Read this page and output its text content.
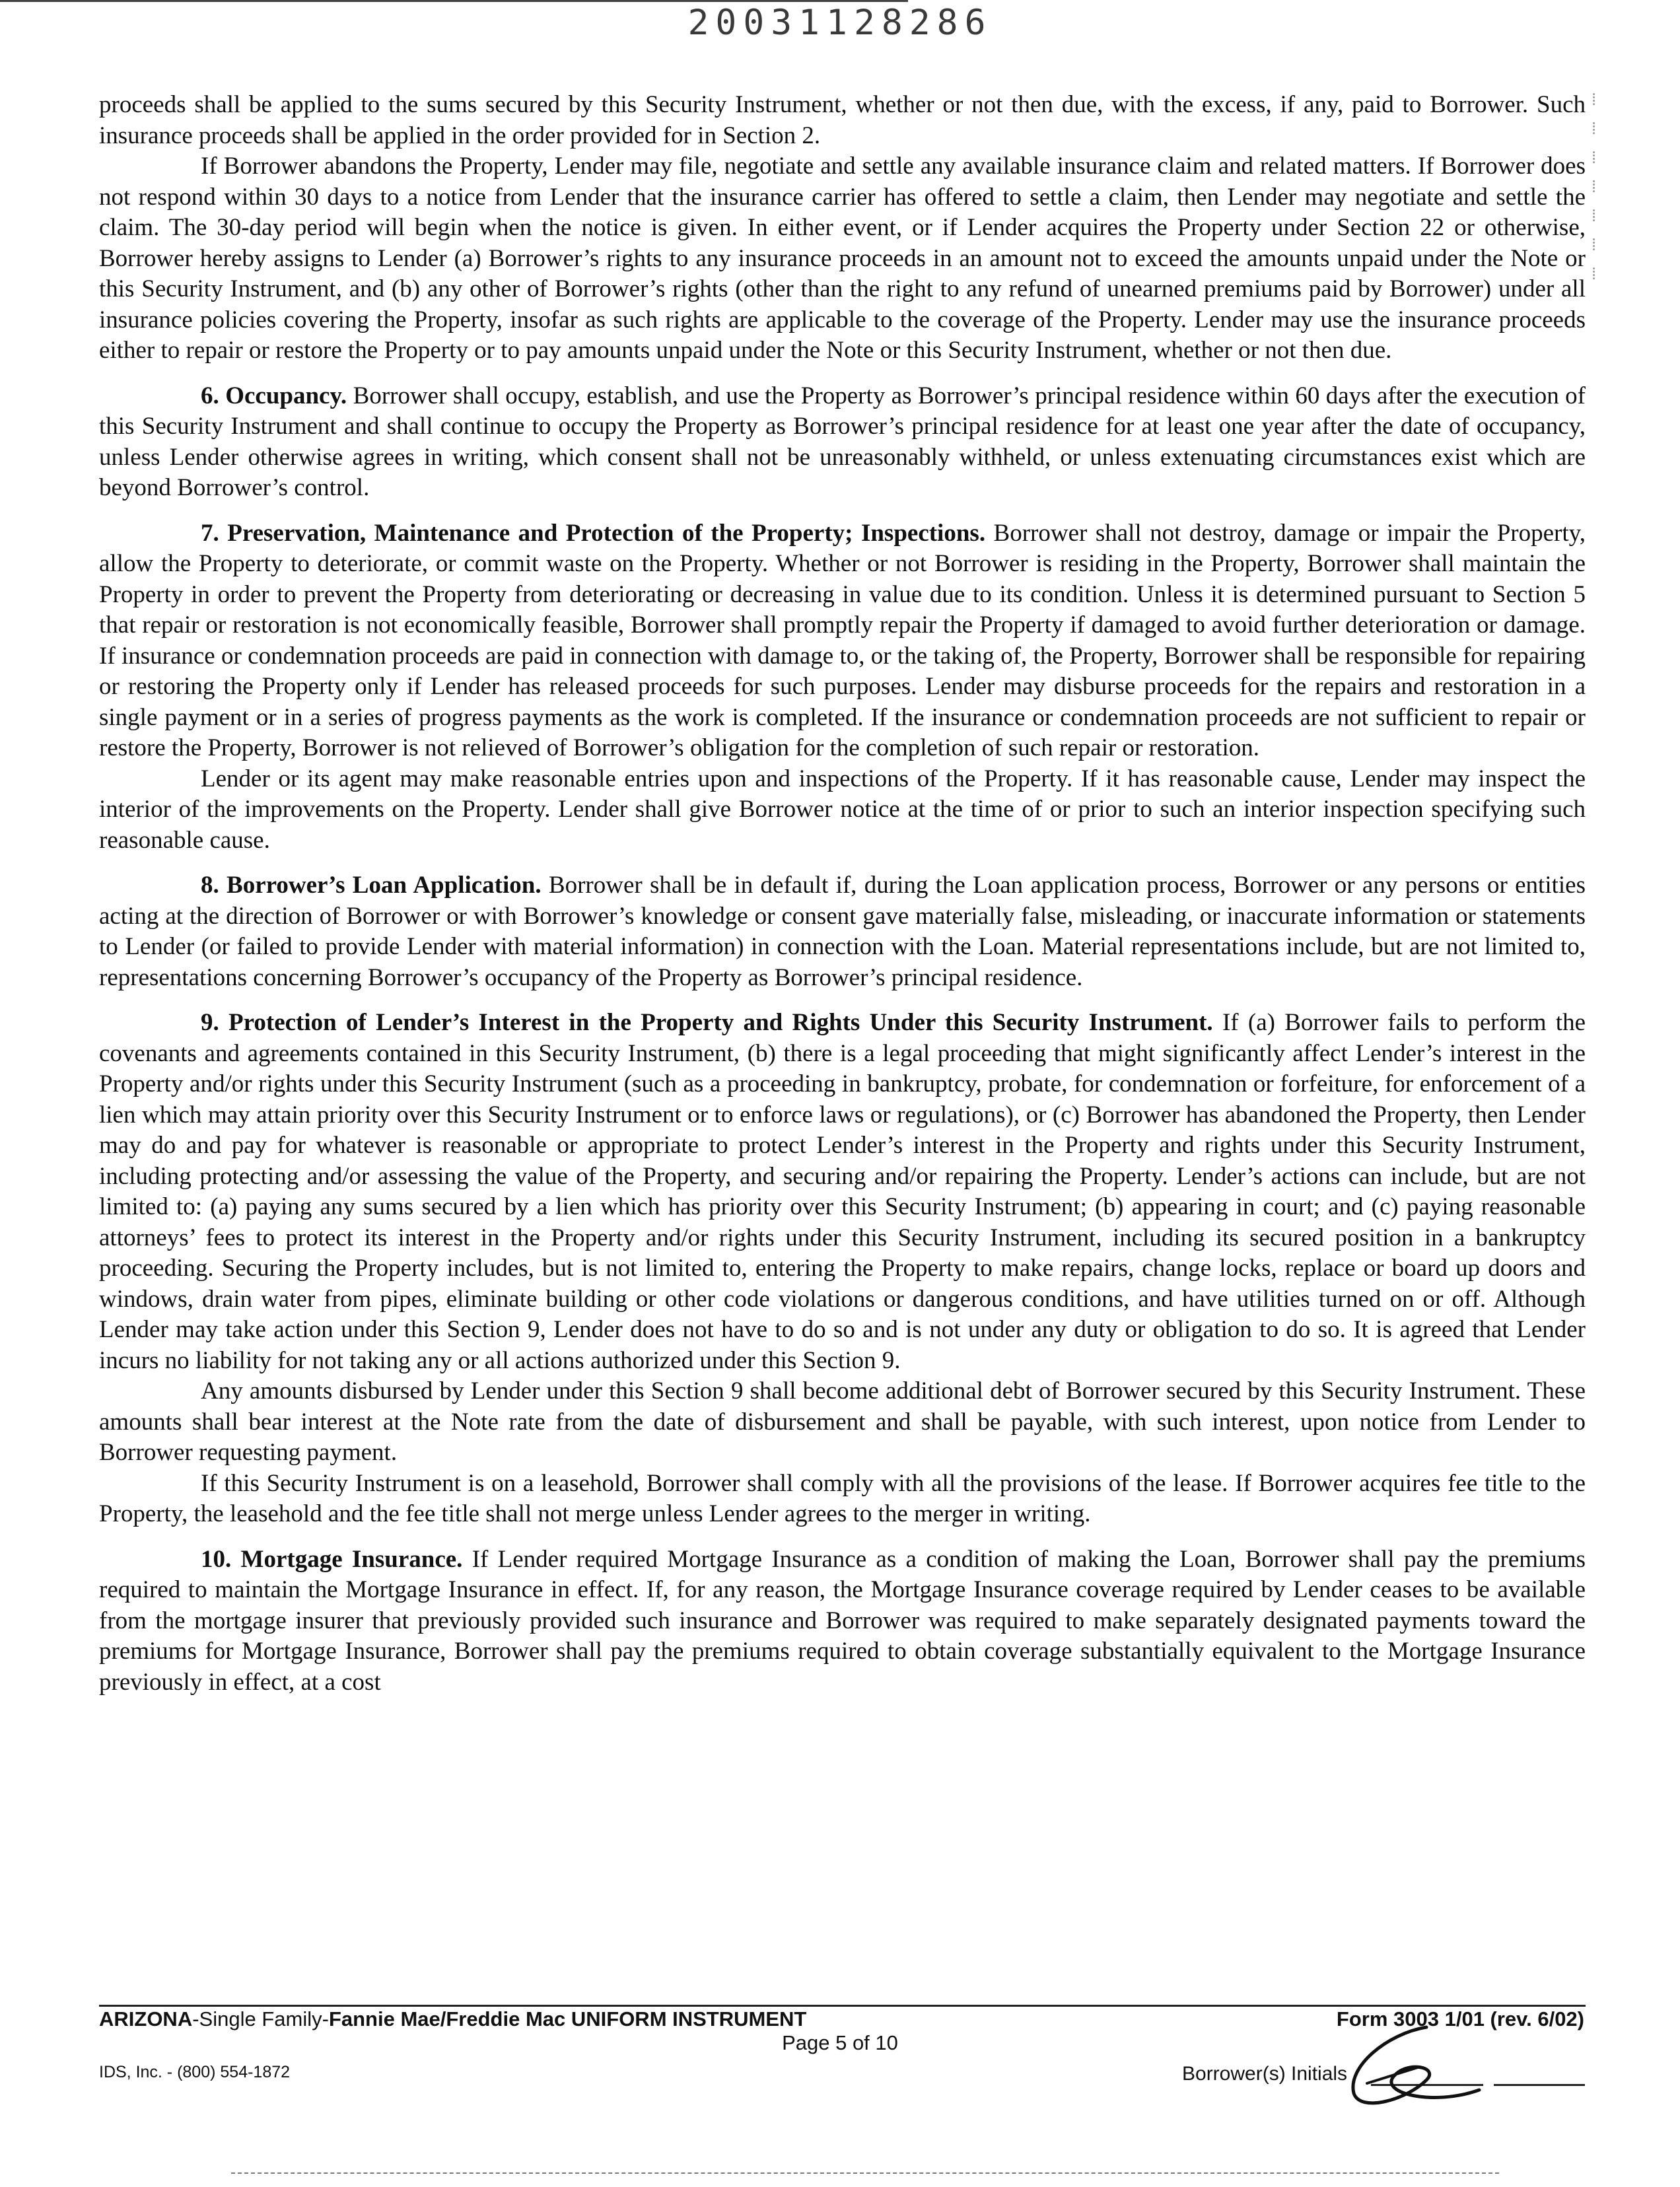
20031128286
⁞
⁞
⁞
⁞
⁞
⁞
⁞

proceeds shall be applied to the sums secured by this Security Instrument, whether or not then due, with the excess, if any, paid to Borrower. Such insurance proceeds shall be applied in the order provided for in Section 2.

If Borrower abandons the Property, Lender may file, negotiate and settle any available insurance claim and related matters. If Borrower does not respond within 30 days to a notice from Lender that the insurance carrier has offered to settle a claim, then Lender may negotiate and settle the claim. The 30-day period will begin when the notice is given. In either event, or if Lender acquires the Property under Section 22 or otherwise, Borrower hereby assigns to Lender (a) Borrower’s rights to any insurance proceeds in an amount not to exceed the amounts unpaid under the Note or this Security Instrument, and (b) any other of Borrower’s rights (other than the right to any refund of unearned premiums paid by Borrower) under all insurance policies covering the Property, insofar as such rights are applicable to the coverage of the Property. Lender may use the insurance proceeds either to repair or restore the Property or to pay amounts unpaid under the Note or this Security Instrument, whether or not then due.

6. Occupancy. Borrower shall occupy, establish, and use the Property as Borrower’s principal residence within 60 days after the execution of this Security Instrument and shall continue to occupy the Property as Borrower’s principal residence for at least one year after the date of occupancy, unless Lender otherwise agrees in writing, which consent shall not be unreasonably withheld, or unless extenuating circumstances exist which are beyond Borrower’s control.

7. Preservation, Maintenance and Protection of the Property; Inspections. Borrower shall not destroy, damage or impair the Property, allow the Property to deteriorate, or commit waste on the Property. Whether or not Borrower is residing in the Property, Borrower shall maintain the Property in order to prevent the Property from deteriorating or decreasing in value due to its condition. Unless it is determined pursuant to Section 5 that repair or restoration is not economically feasible, Borrower shall promptly repair the Property if damaged to avoid further deterioration or damage. If insurance or condemnation proceeds are paid in connection with damage to, or the taking of, the Property, Borrower shall be responsible for repairing or restoring the Property only if Lender has released proceeds for such purposes. Lender may disburse proceeds for the repairs and restoration in a single payment or in a series of progress payments as the work is completed. If the insurance or condemnation proceeds are not sufficient to repair or restore the Property, Borrower is not relieved of Borrower’s obligation for the completion of such repair or restoration.

Lender or its agent may make reasonable entries upon and inspections of the Property. If it has reasonable cause, Lender may inspect the interior of the improvements on the Property. Lender shall give Borrower notice at the time of or prior to such an interior inspection specifying such reasonable cause.

8. Borrower’s Loan Application. Borrower shall be in default if, during the Loan application process, Borrower or any persons or entities acting at the direction of Borrower or with Borrower’s knowledge or consent gave materially false, misleading, or inaccurate information or statements to Lender (or failed to provide Lender with material information) in connection with the Loan. Material representations include, but are not limited to, representations concerning Borrower’s occupancy of the Property as Borrower’s principal residence.

9. Protection of Lender’s Interest in the Property and Rights Under this Security Instrument. If (a) Borrower fails to perform the covenants and agreements contained in this Security Instrument, (b) there is a legal proceeding that might significantly affect Lender’s interest in the Property and/or rights under this Security Instrument (such as a proceeding in bankruptcy, probate, for condemnation or forfeiture, for enforcement of a lien which may attain priority over this Security Instrument or to enforce laws or regulations), or (c) Borrower has abandoned the Property, then Lender may do and pay for whatever is reasonable or appropriate to protect Lender’s interest in the Property and rights under this Security Instrument, including protecting and/or assessing the value of the Property, and securing and/or repairing the Property. Lender’s actions can include, but are not limited to: (a) paying any sums secured by a lien which has priority over this Security Instrument; (b) appearing in court; and (c) paying reasonable attorneys’ fees to protect its interest in the Property and/or rights under this Security Instrument, including its secured position in a bankruptcy proceeding. Securing the Property includes, but is not limited to, entering the Property to make repairs, change locks, replace or board up doors and windows, drain water from pipes, eliminate building or other code violations or dangerous conditions, and have utilities turned on or off. Although Lender may take action under this Section 9, Lender does not have to do so and is not under any duty or obligation to do so. It is agreed that Lender incurs no liability for not taking any or all actions authorized under this Section 9.

Any amounts disbursed by Lender under this Section 9 shall become additional debt of Borrower secured by this Security Instrument. These amounts shall bear interest at the Note rate from the date of disbursement and shall be payable, with such interest, upon notice from Lender to Borrower requesting payment.

If this Security Instrument is on a leasehold, Borrower shall comply with all the provisions of the lease. If Borrower acquires fee title to the Property, the leasehold and the fee title shall not merge unless Lender agrees to the merger in writing.

10. Mortgage Insurance. If Lender required Mortgage Insurance as a condition of making the Loan, Borrower shall pay the premiums required to maintain the Mortgage Insurance in effect. If, for any reason, the Mortgage Insurance coverage required by Lender ceases to be available from the mortgage insurer that previously provided such insurance and Borrower was required to make separately designated payments toward the premiums for Mortgage Insurance, Borrower shall pay the premiums required to obtain coverage substantially equivalent to the Mortgage Insurance previously in effect, at a cost

ARIZONA-Single Family-Fannie Mae/Freddie Mac UNIFORM INSTRUMENT
Page 5 of 10
Form 3003 1/01 (rev. 6/02)
IDS, Inc. - (800) 554-1872	Borrower(s) Initials
